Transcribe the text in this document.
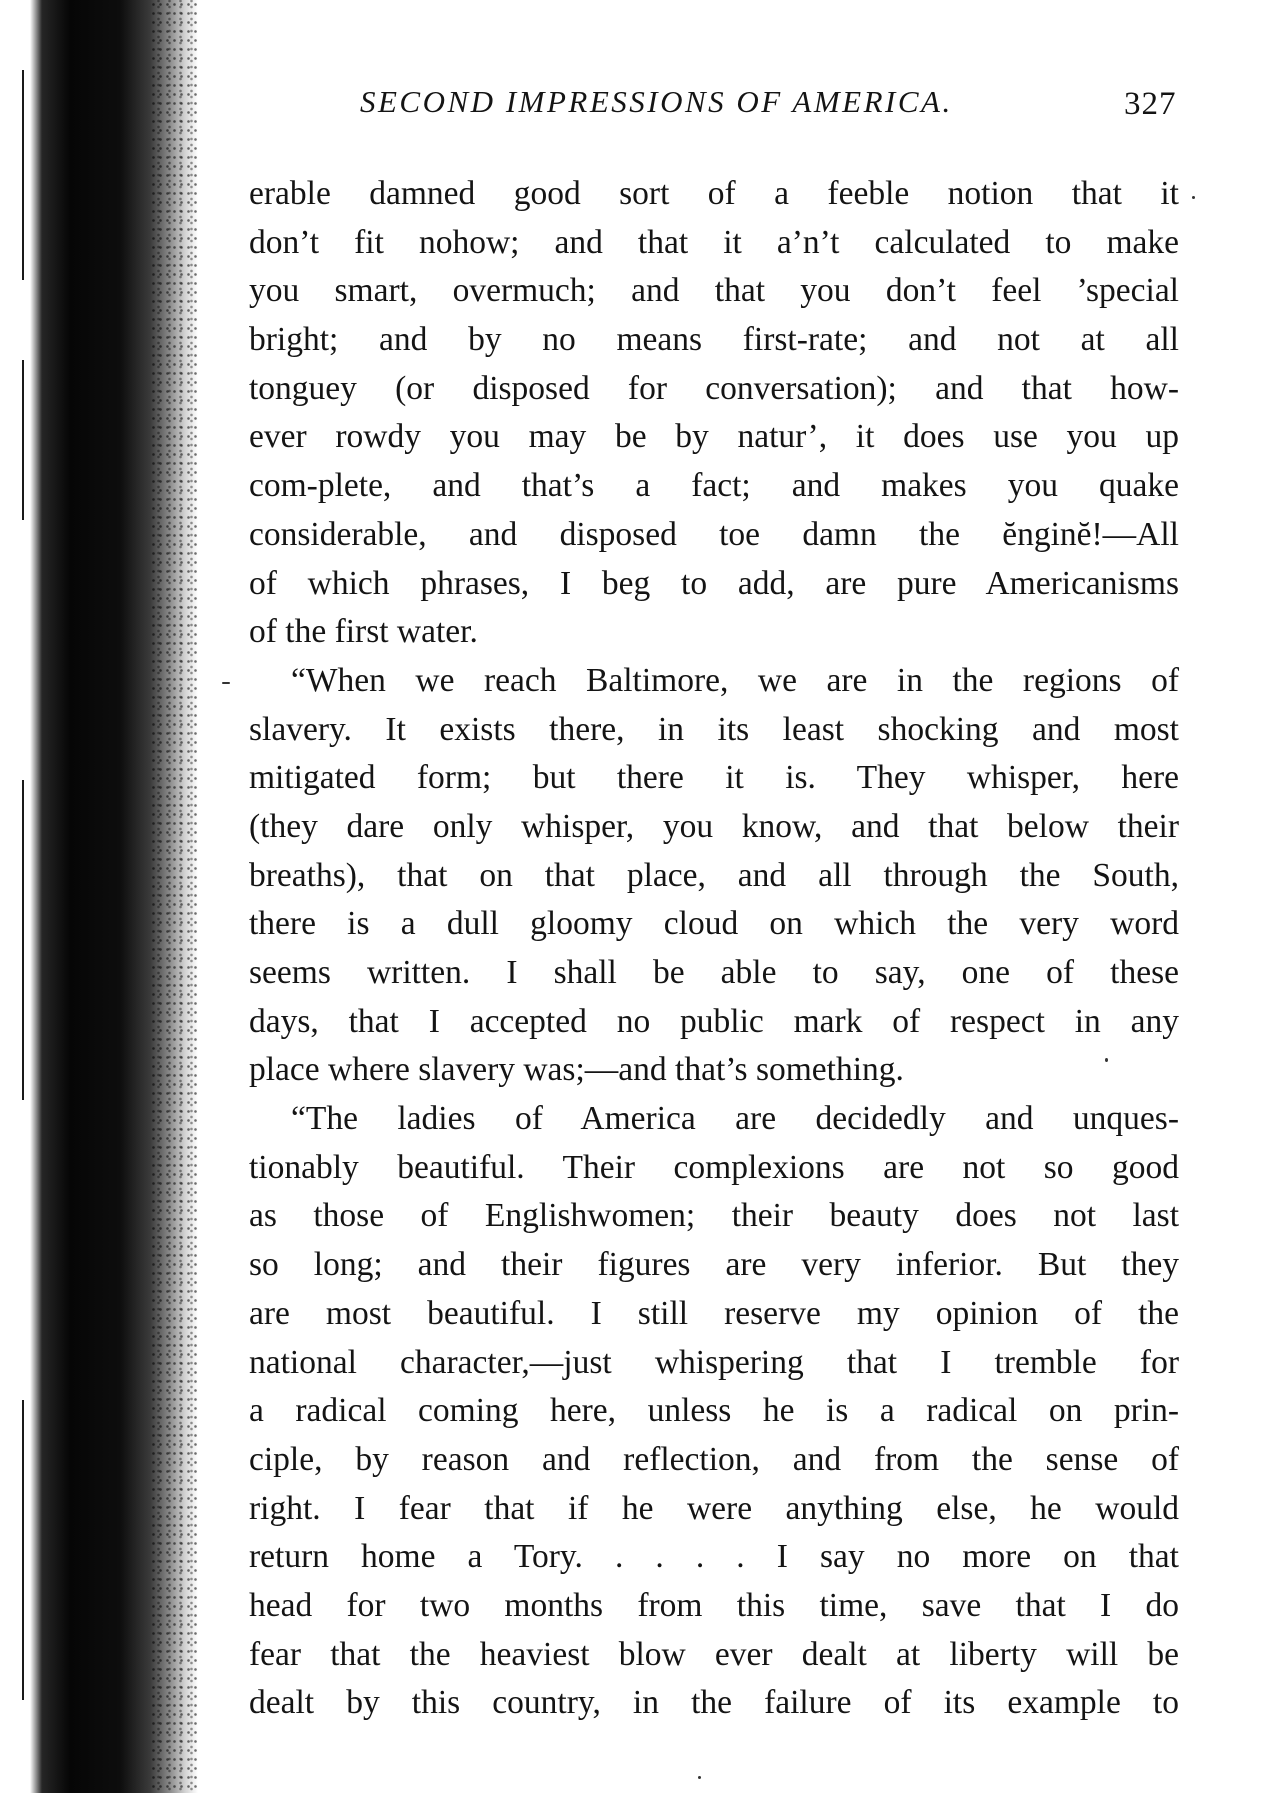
SECOND IMPRESSIONS OF AMERICA.	327
erable damned good sort of a feeble notion that it
don’t fit nohow; and that it a’n’t calculated to make
you smart, overmuch; and that you don’t feel ’special
bright; and by no means first-rate; and not at all
tonguey (or disposed for conversation); and that how-
ever rowdy you may be by natur’, it does use you up
com-plete, and that’s a fact; and makes you quake
considerable, and disposed toe damn the ĕnginĕ!—All
of which phrases, I beg to add, are pure Americanisms
of the first water.
“When we reach Baltimore, we are in the regions of
slavery. It exists there, in its least shocking and most
mitigated form; but there it is. They whisper, here
(they dare only whisper, you know, and that below their
breaths), that on that place, and all through the South,
there is a dull gloomy cloud on which the very word
seems written. I shall be able to say, one of these
days, that I accepted no public mark of respect in any
place where slavery was;—and that’s something.
“The ladies of America are decidedly and unques-
tionably beautiful. Their complexions are not so good
as those of Englishwomen; their beauty does not last
so long; and their figures are very inferior. But they
are most beautiful. I still reserve my opinion of the
national character,—just whispering that I tremble for
a radical coming here, unless he is a radical on prin-
ciple, by reason and reflection, and from the sense of
right. I fear that if he were anything else, he would
return home a Tory. . . . . I say no more on that
head for two months from this time, save that I do
fear that the heaviest blow ever dealt at liberty will be
dealt by this country, in the failure of its example to
